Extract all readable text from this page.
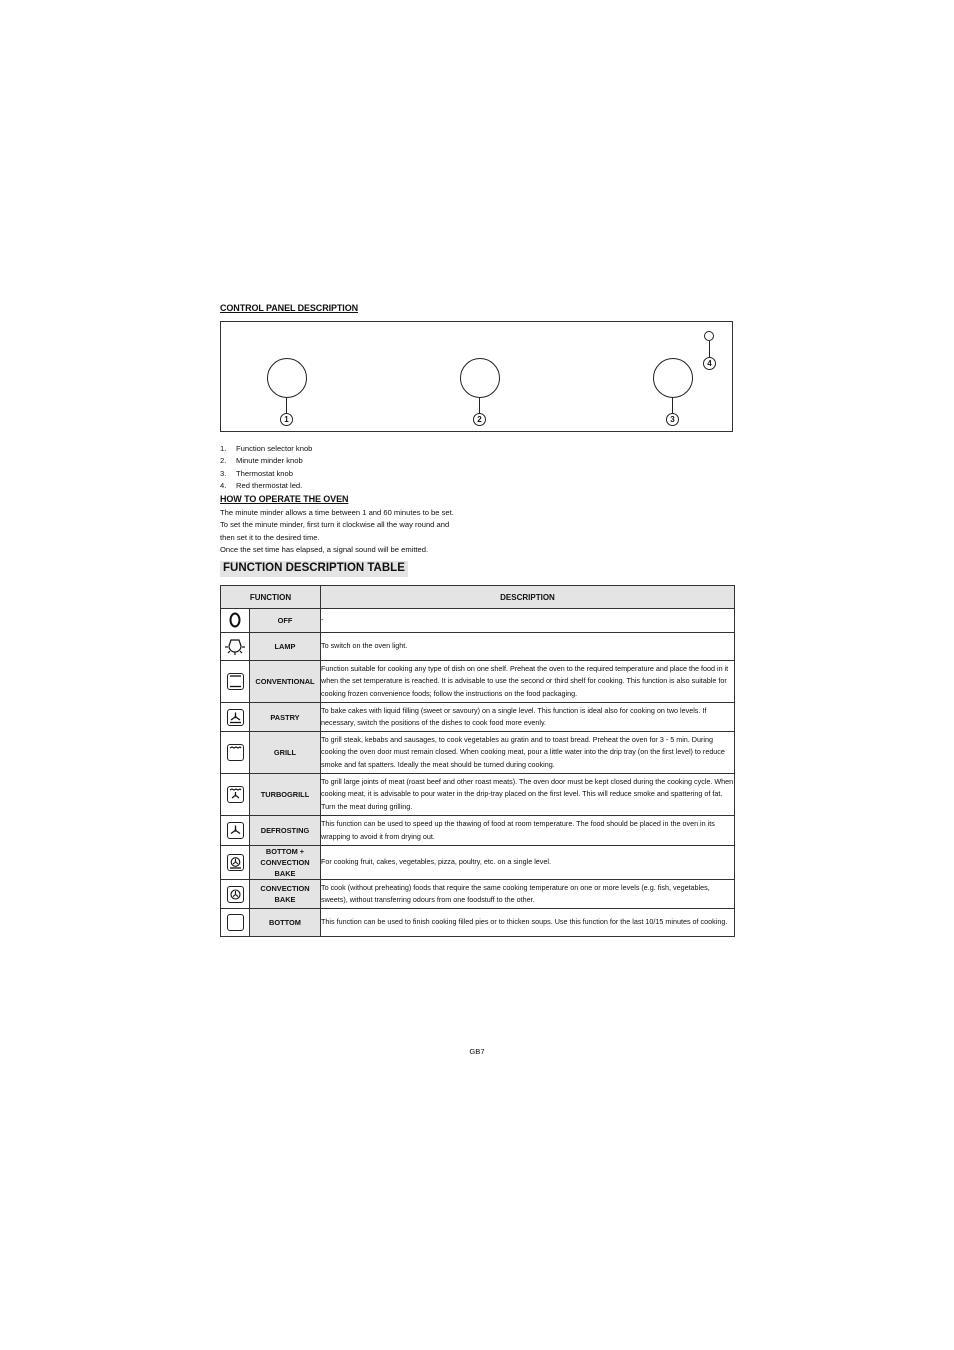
CONTROL PANEL DESCRIPTION
1	2	3
4
1. Function selector knob
2. Minute minder knob
3. Thermostat knob
4. Red thermostat led.
HOW TO OPERATE THE OVEN

The minute minder allows a time between 1 and 60 minutes to be set.

To set the minute minder, first turn it clockwise all the way round and

then set it to the desired time.

Once the set time has elapsed, a signal sound will be emitted.

FUNCTION DESCRIPTION TABLE
FUNCTION		DESCRIPTION
	OFF	-
	LAMP	To switch on the oven light.

	CONVENTIONAL	Function suitable for cooking any type of dish on one shelf. Preheat the oven to the required temperature and place the food in it when the set temperature is reached. It is advisable to use the second or third shelf for cooking. This function is also suitable for cooking frozen convenience foods; follow the instructions on the food packaging.

	PASTRY	To bake cakes with liquid filling (sweet or savoury) on a single level. This function is ideal also for cooking on two levels. If necessary, switch the positions of the dishes to cook food more evenly.

	GRILL	To grill steak, kebabs and sausages, to cook vegetables au gratin and to toast bread. Preheat the oven for 3 - 5 min. During cooking the oven door must remain closed. When cooking meat, pour a little water into the drip tray (on the first level) to reduce smoke and fat spatters. Ideally the meat should be turned during cooking.

	TURBOGRILL	To grill large joints of meat (roast beef and other roast meats). The oven door must be kept closed during the cooking cycle. When cooking meat, it is advisable to pour water in the drip-tray placed on the first level. This will reduce smoke and spattering of fat. Turn the meat during grilling.

	DEFROSTING	This function can be used to speed up the thawing of food at room temperature. The food should be placed in the oven in its wrapping to avoid it from drying out.

	BOTTOM + CONVECTION BAKE	For cooking fruit, cakes, vegetables, pizza, poultry, etc. on a single level.

	CONVECTION BAKE	To cook (without preheating) foods that require the same cooking temperature on one or more levels (e.g. fish, vegetables, sweets), without transferring odours from one foodstuff to the other.
	BOTTOM	This function can be used to finish cooking filled pies or to thicken soups. Use this function for the last 10/15 minutes of cooking.
GB7
